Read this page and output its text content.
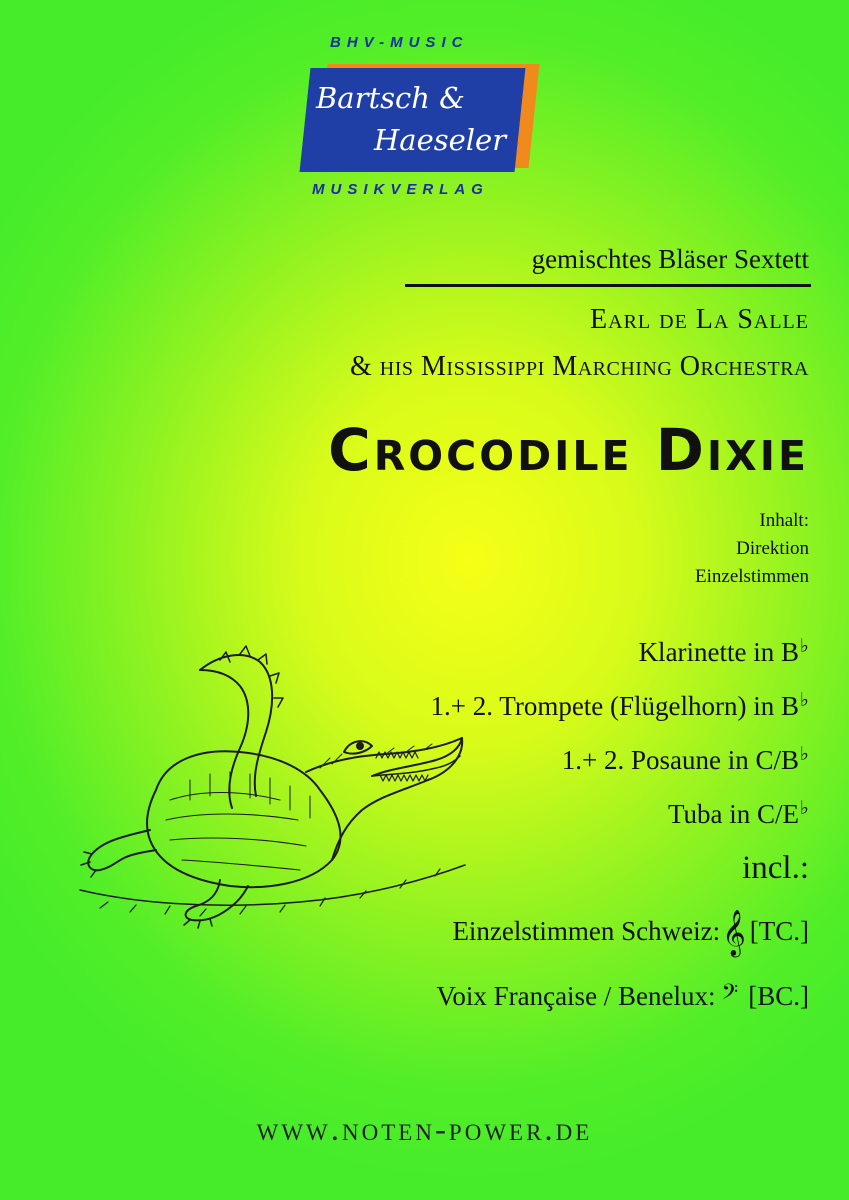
BHV-MUSIC
Bartsch &
Haeseler
MUSIKVERLAG
gemischtes Bläser Sextett
Earl de La Salle
& his Mississippi Marching Orchestra
Crocodile Dixie
Inhalt:
Direktion
Einzelstimmen
Klarinette in B♭
1.+ 2. Trompete (Flügelhorn) in B♭
1.+ 2. Posaune in C/B♭
Tuba in C/E♭
incl.:
Einzelstimmen Schweiz:𝄞 [TC.]
Voix Française / Benelux: 𝄢 [BC.]
www.noten-power.de
